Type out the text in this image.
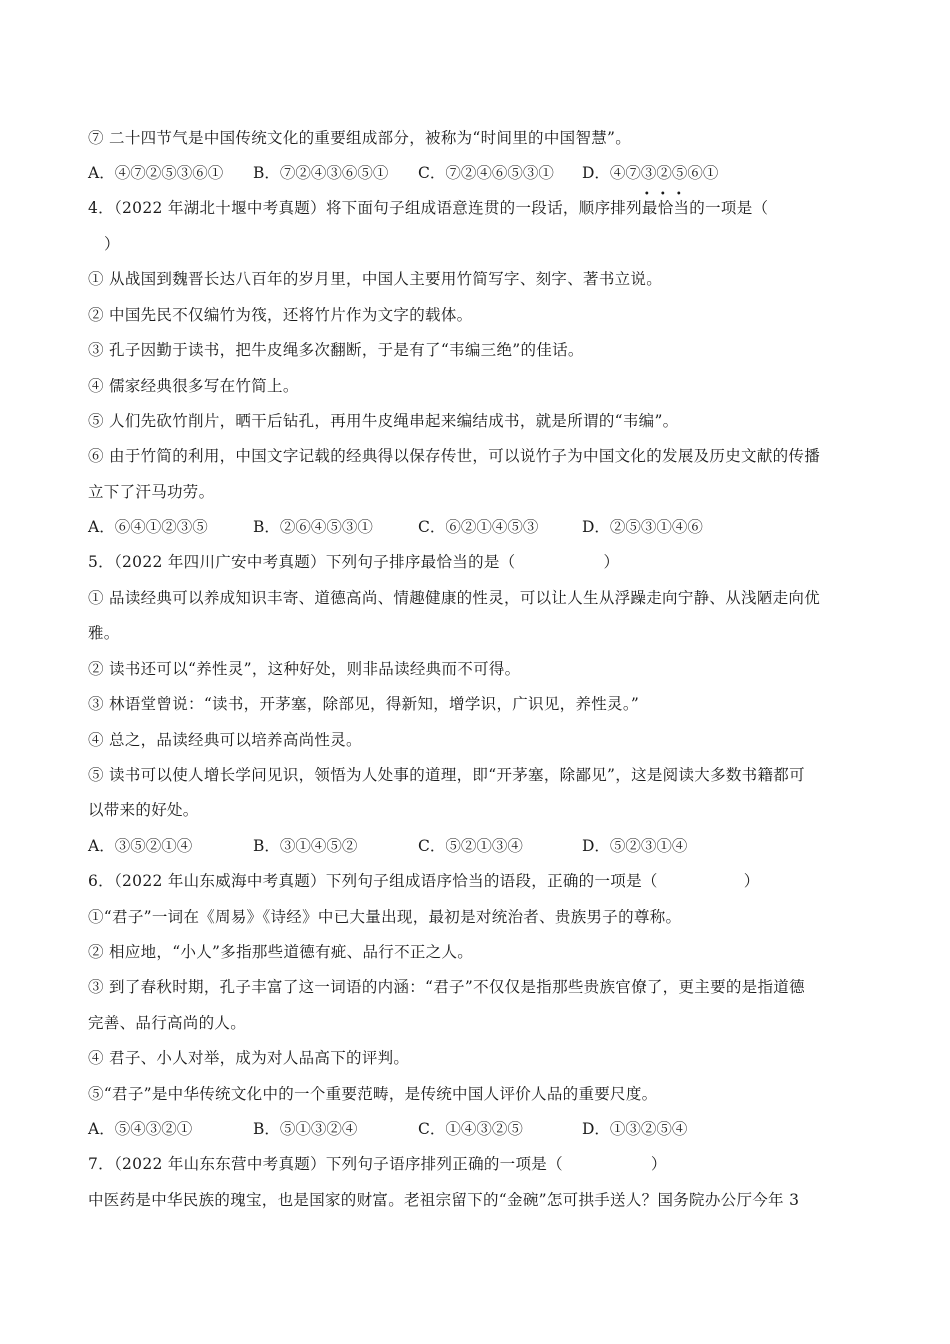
⑦ 二十四节气是中国传统文化的重要组成部分，被称为“时间里的中国智慧”。
A．④⑦②⑤③⑥① B．⑦②④③⑥⑤① C．⑦②④⑥⑤③① D．④⑦③②⑤⑥①
4．（2022 年湖北十堰中考真题）将下面句子组成语意连贯的一段话，顺序排列
• • •
最恰当的一项是（
）
① 从战国到魏晋长达八百年的岁月里，中国人主要用竹简写字、刻字、著书立说。
② 中国先民不仅编竹为筏，还将竹片作为文字的载体。
③ 孔子因勤于读书，把牛皮绳多次翻断，于是有了“韦编三绝”的佳话。
④ 儒家经典很多写在竹简上。
⑤ 人们先砍竹削片，晒干后钻孔，再用牛皮绳串起来编结成书，就是所谓的“韦编”。
⑥ 由于竹简的利用，中国文字记载的经典得以保存传世，可以说竹子为中国文化的发展及历史文献的传播
立下了汗马功劳。
A．⑥④①②③⑤	B．②⑥④⑤③①	C．⑥②①④⑤③	D．②⑤③①④⑥
5．（2022 年四川广安中考真题）下列句子排序最恰当的是（	）
① 品读经典可以养成知识丰寄、道德高尚、情趣健康的性灵，可以让人生从浮躁走向宁静、从浅陋走向优
雅。
② 读书还可以“养性灵”，这种好处，则非品读经典而不可得。
③ 林语堂曾说：“读书，开茅塞，除部见，得新知，增学识，广识见，养性灵。”
④ 总之，品读经典可以培养高尚性灵。
⑤ 读书可以使人增长学问见识，领悟为人处事的道理，即“开茅塞，除鄙见”，这是阅读大多数书籍都可
以带来的好处。
A．③⑤②①④	B．③①④⑤②	C．⑤②①③④	D．⑤②③①④
6．（2022 年山东威海中考真题）下列句子组成语序恰当的语段，正确的一项是（	）
①“君子”一词在《周易》《诗经》中已大量出现，最初是对统治者、贵族男子的尊称。
② 相应地，“小人”多指那些道德有疵、品行不正之人。
③ 到了春秋时期，孔子丰富了这一词语的内涵：“君子”不仅仅是指那些贵族官僚了，更主要的是指道德
完善、品行高尚的人。
④ 君子、小人对举，成为对人品高下的评判。
⑤“君子”是中华传统文化中的一个重要范畴，是传统中国人评价人品的重要尺度。
A．⑤④③②①	B．⑤①③②④	C．①④③②⑤	D．①③②⑤④
7．（2022 年山东东营中考真题）下列句子语序排列正确的一项是（	）
中医药是中华民族的瑰宝，也是国家的财富。老祖宗留下的“金碗”怎可拱手送人？国务院办公厅今年 3
